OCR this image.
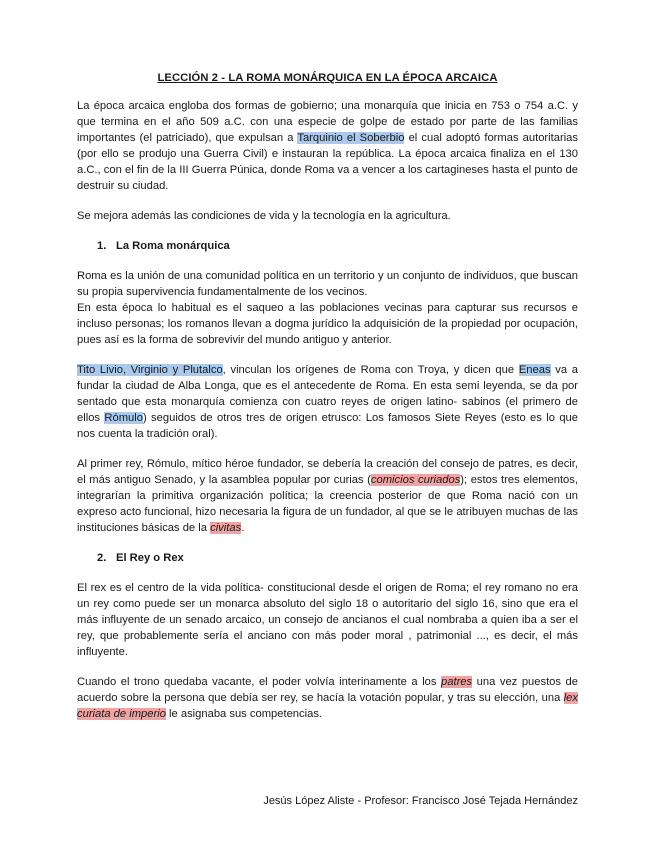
LECCIÓN 2 - LA ROMA MONÁRQUICA EN LA ÉPOCA ARCAICA

La época arcaica engloba dos formas de gobierno; una monarquía que inicia en 753 o 754 a.C. y que termina en el año 509 a.C. con una especie de golpe de estado por parte de las familias importantes (el patriciado), que expulsan a Tarquinio el Soberbio el cual adoptó formas autoritarias (por ello se produjo una Guerra Civil) e instauran la república. La época arcaica finaliza en el 130 a.C., con el fin de la III Guerra Púnica, donde Roma va a vencer a los cartagineses hasta el punto de destruir su ciudad.

Se mejora además las condiciones de vida y la tecnología en la agricultura.

1. La Roma monárquica

Roma es la unión de una comunidad política en un territorio y un conjunto de individuos, que buscan su propia supervivencia fundamentalmente de los vecinos.

En esta época lo habitual es el saqueo a las poblaciones vecinas para capturar sus recursos e incluso personas; los romanos llevan a dogma jurídico la adquisición de la propiedad por ocupación, pues así es la forma de sobrevivir del mundo antiguo y anterior.

Tito Livio, Virginio y Plutalco, vinculan los orígenes de Roma con Troya, y dicen que Eneas va a fundar la ciudad de Alba Longa, que es el antecedente de Roma. En esta semi leyenda, se da por sentado que esta monarquía comienza con cuatro reyes de origen latino- sabinos (el primero de ellos Rómulo) seguidos de otros tres de origen etrusco: Los famosos Siete Reyes (esto es lo que nos cuenta la tradición oral).

Al primer rey, Rómulo, mítico héroe fundador, se debería la creación del consejo de patres, es decir, el más antiguo Senado, y la asamblea popular por curias (comicios curiados); estos tres elementos, integrarían la primitiva organización política; la creencia posterior de que Roma nació con un expreso acto funcional, hizo necesaria la figura de un fundador, al que se le atribuyen muchas de las instituciones básicas de la civitas.

2. El Rey o Rex

El rex es el centro de la vida política- constitucional desde el origen de Roma; el rey romano no era un rey como puede ser un monarca absoluto del siglo 18 o autoritario del siglo 16, sino que era el más influyente de un senado arcaico, un consejo de ancianos el cual nombraba a quien iba a ser el rey, que probablemente sería el anciano con más poder moral , patrimonial ..., es decir, el más influyente.

Cuando el trono quedaba vacante, el poder volvía interinamente a los patres una vez puestos de acuerdo sobre la persona que debía ser rey, se hacía la votación popular, y tras su elección, una lex curiata de imperio le asignaba sus competencias.

Jesús López Aliste - Profesor: Francisco José Tejada Hernández
